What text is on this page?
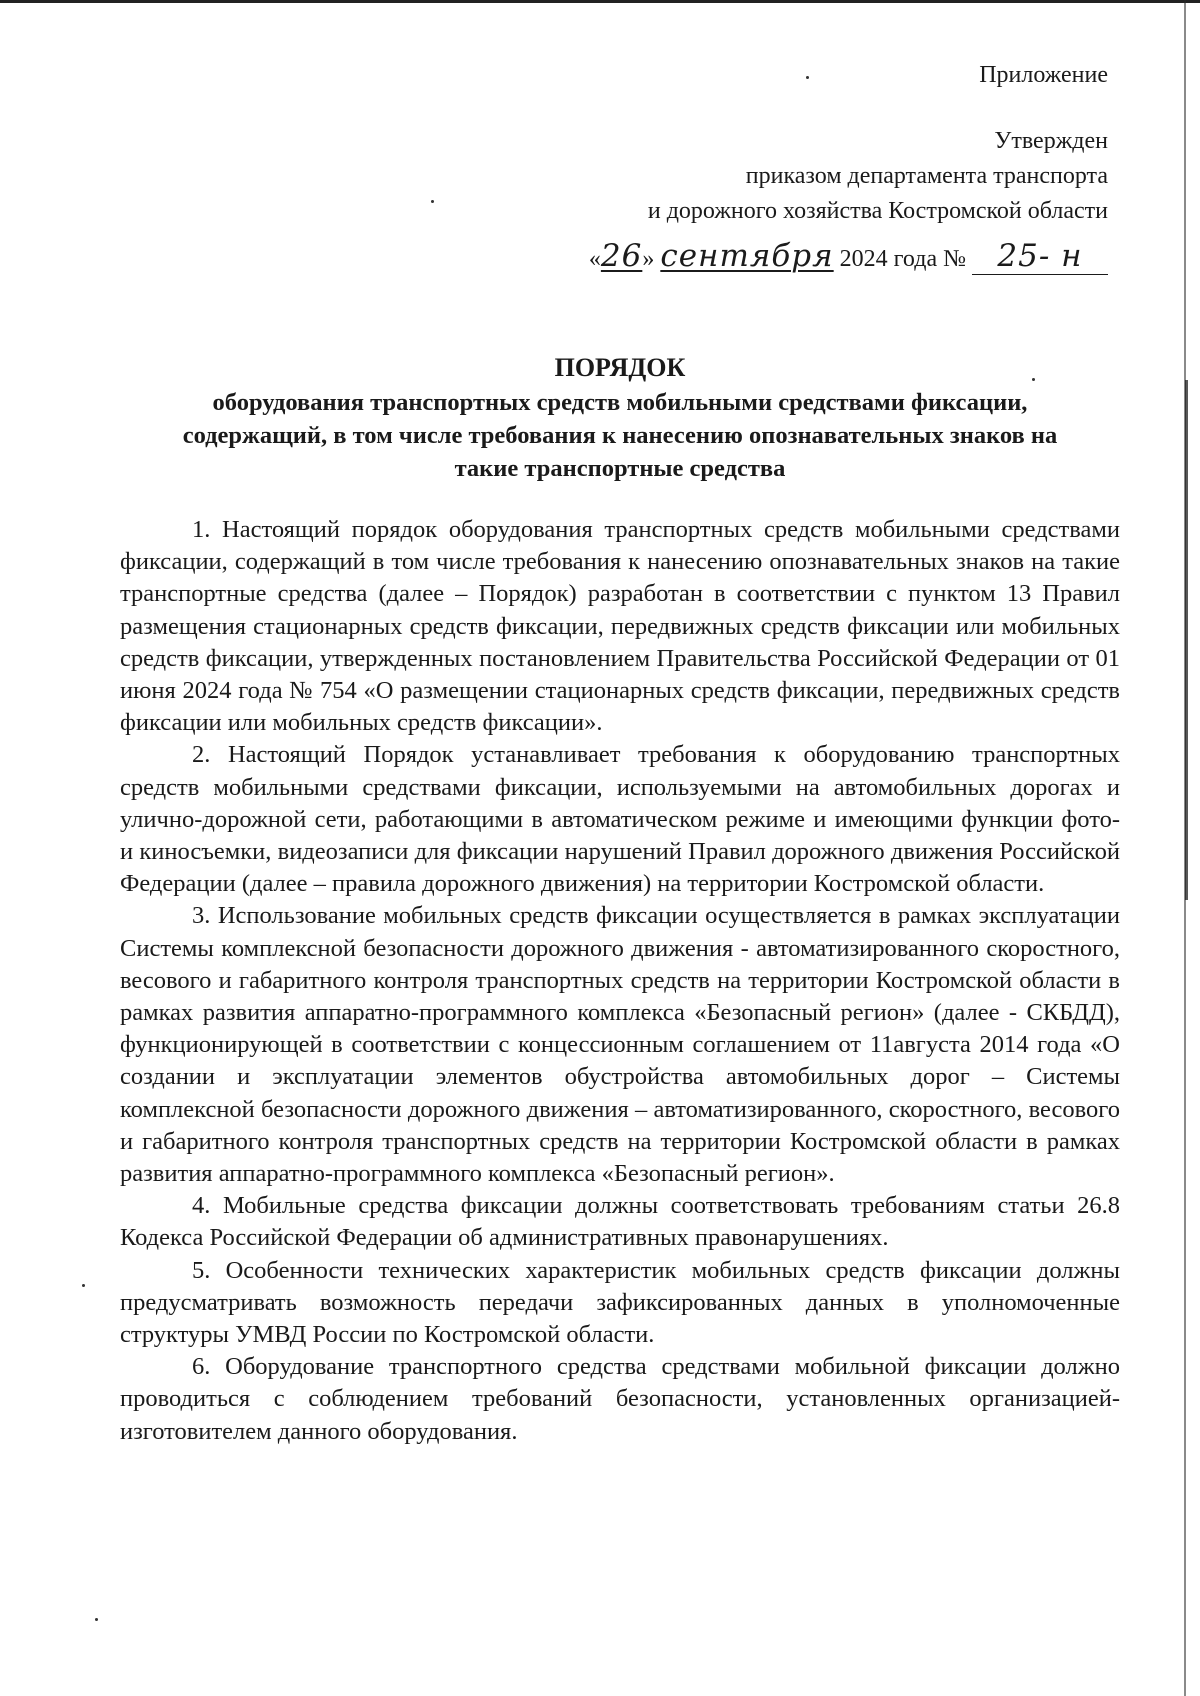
Приложение
Утвержден
приказом департамента транспорта
и дорожного хозяйства Костромской области
« 26 » сентября 2024 года №	25- н
ПОРЯДОК
оборудования транспортных средств мобильными средствами фиксации,
содержащий, в том числе требования к нанесению опознавательных знаков на
такие транспортные средства

1. Настоящий порядок оборудования транспортных средств мобильными средствами фиксации, содержащий в том числе требования к нанесению опознавательных знаков на такие транспортные средства (далее – Порядок) разработан в соответствии с пунктом 13 Правил размещения стационарных средств фиксации, передвижных средств фиксации или мобильных средств фиксации, утвержденных постановлением Правительства Российской Федерации от 01 июня 2024 года № 754 «О размещении стационарных средств фиксации, передвижных средств фиксации или мобильных средств фиксации».

2. Настоящий Порядок устанавливает требования к оборудованию транспортных средств мобильными средствами фиксации, используемыми на автомобильных дорогах и улично-дорожной сети, работающими в автоматическом режиме и имеющими функции фото- и киносъемки, видеозаписи для фиксации нарушений Правил дорожного движения Российской Федерации (далее – правила дорожного движения) на территории Костромской области.

3. Использование мобильных средств фиксации осуществляется в рамках эксплуатации Системы комплексной безопасности дорожного движения - автоматизированного скоростного, весового и габаритного контроля транспортных средств на территории Костромской области в рамках развития аппаратно-программного комплекса «Безопасный регион» (далее - СКБДД), функционирующей в соответствии с концессионным соглашением от 11августа 2014 года «О создании и эксплуатации элементов обустройства автомобильных дорог – Системы комплексной безопасности дорожного движения – автоматизированного, скоростного, весового и габаритного контроля транспортных средств на территории Костромской области в рамках развития аппаратно-программного комплекса «Безопасный регион».

4. Мобильные средства фиксации должны соответствовать требованиям статьи 26.8 Кодекса Российской Федерации об административных правонарушениях.

5. Особенности технических характеристик мобильных средств фиксации должны предусматривать возможность передачи зафиксированных данных в уполномоченные структуры УМВД России по Костромской области.

6. Оборудование транспортного средства средствами мобильной фиксации должно проводиться с соблюдением требований безопасности, установленных организацией-изготовителем данного оборудования.
